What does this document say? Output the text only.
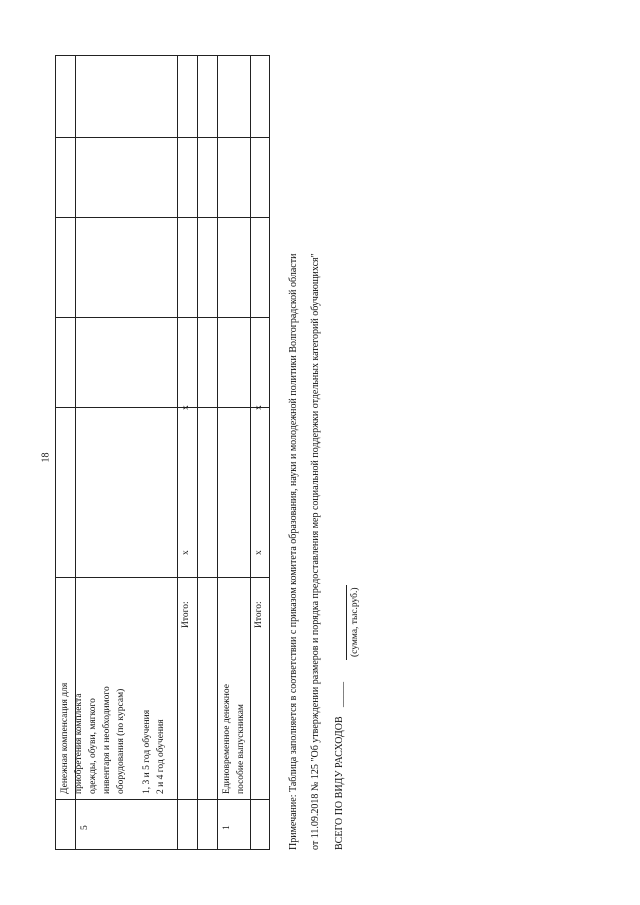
18
5
Денежная компенсация для приобретения комплекта одежды, обуви, мягкого инвентаря и необходимого оборудования (по курсам) 1, 3 и 5 год обучения 2 и 4 год обучения
Итого:
x
x
1
Единовременное денежное пособие выпускникам
Итого:
x
x Примечание: Таблица заполняется в соответствии с приказом комитета образования, науки и молодежной политики Волгоградской области от 11.09.2018 № 125 "Об утверждении размеров и порядка предоставления мер социальной поддержки отдельных категорий обучающихся" ВСЕГО ПО ВИДУ РАСХОДОВ
_____
(сумма, тыс.руб.)
